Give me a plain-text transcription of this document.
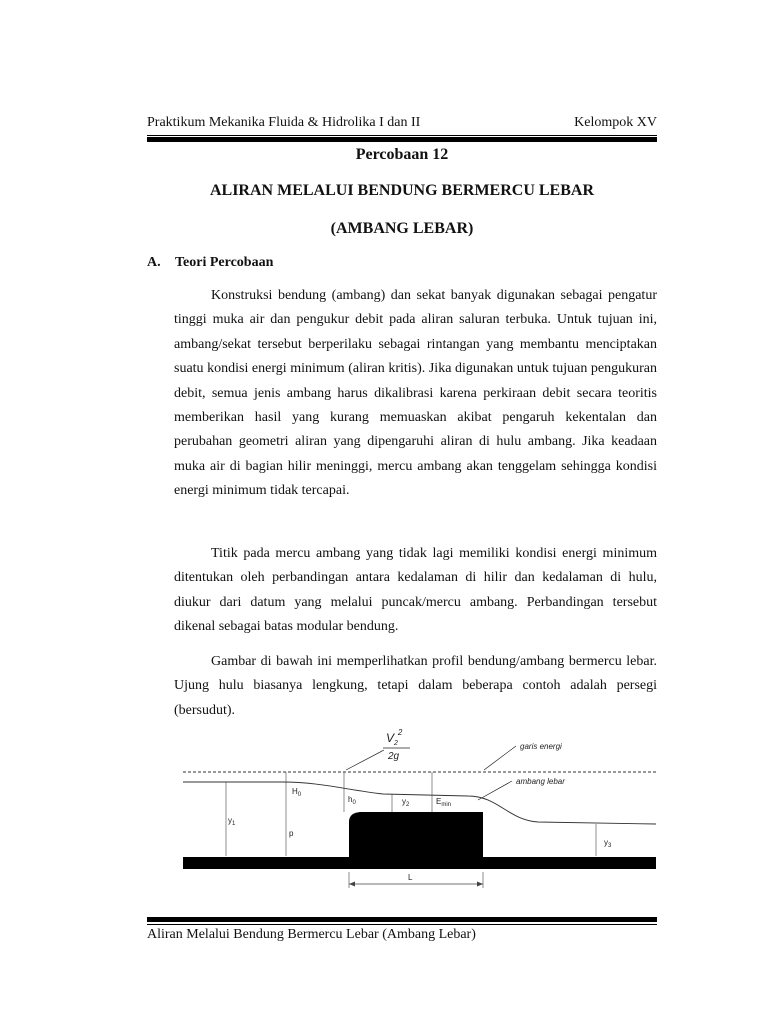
Praktikum Mekanika Fluida & Hidrolika I dan II	Kelompok XV
Percobaan 12
ALIRAN MELALUI BENDUNG BERMERCU LEBAR
(AMBANG LEBAR)
A. Teori Percobaan

Konstruksi bendung (ambang) dan sekat banyak digunakan sebagai pengatur tinggi muka air dan pengukur debit pada aliran saluran terbuka. Untuk tujuan ini, ambang/sekat tersebut berperilaku sebagai rintangan yang membantu menciptakan suatu kondisi energi minimum (aliran kritis). Jika digunakan untuk tujuan pengukuran debit, semua jenis ambang harus dikalibrasi karena perkiraan debit secara teoritis memberikan hasil yang kurang memuaskan akibat pengaruh kekentalan dan perubahan geometri aliran yang dipengaruhi aliran di hulu ambang. Jika keadaan muka air di bagian hilir meninggi, mercu ambang akan tenggelam sehingga kondisi energi minimum tidak tercapai.

Titik pada mercu ambang yang tidak lagi memiliki kondisi energi minimum ditentukan oleh perbandingan antara kedalaman di hilir dan kedalaman di hulu, diukur dari datum yang melalui puncak/mercu ambang. Perbandingan tersebut dikenal sebagai batas modular bendung.

Gambar di bawah ini memperlihatkan profil bendung/ambang bermercu lebar. Ujung hulu biasanya lengkung, tetapi dalam beberapa contoh adalah persegi (bersudut).

$V_2^2$
2g
garis energi
ambang lebar
$H_0$	$h_0$	$y_2$	$E_{min}$
$y_1$
p
$y_3$
L
Aliran Melalui Bendung Bermercu Lebar (Ambang Lebar)
